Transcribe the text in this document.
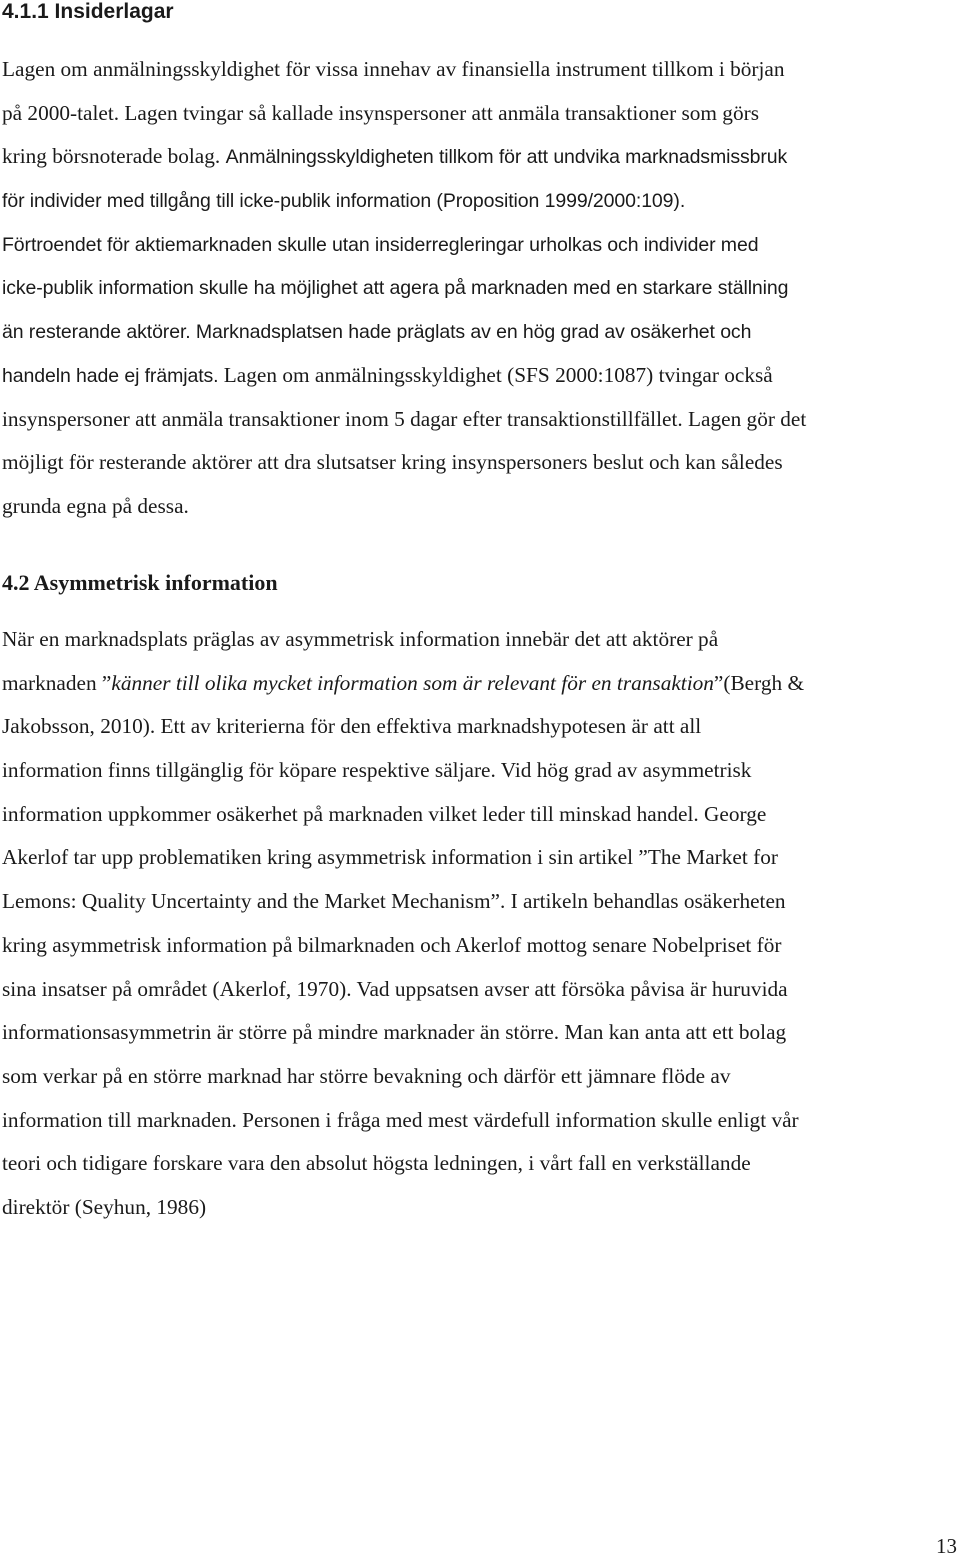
4.1.1 Insiderlagar
Lagen om anmälningsskyldighet för vissa innehav av finansiella instrument tillkom i början
på 2000-talet. Lagen tvingar så kallade insynspersoner att anmäla transaktioner som görs
kring börsnoterade bolag. Anmälningsskyldigheten tillkom för att undvika marknadsmissbruk
för individer med tillgång till icke-publik information (Proposition 1999/2000:109).
Förtroendet för aktiemarknaden skulle utan insiderregleringar urholkas och individer med
icke-publik information skulle ha möjlighet att agera på marknaden med en starkare ställning
än resterande aktörer. Marknadsplatsen hade präglats av en hög grad av osäkerhet och
handeln hade ej främjats. Lagen om anmälningsskyldighet (SFS 2000:1087) tvingar också
insynspersoner att anmäla transaktioner inom 5 dagar efter transaktionstillfället. Lagen gör det
möjligt för resterande aktörer att dra slutsatser kring insynspersoners beslut och kan således
grunda egna på dessa.
4.2 Asymmetrisk information
När en marknadsplats präglas av asymmetrisk information innebär det att aktörer på
marknaden ”känner till olika mycket information som är relevant för en transaktion”(Bergh &
Jakobsson, 2010). Ett av kriterierna för den effektiva marknadshypotesen är att all
information finns tillgänglig för köpare respektive säljare. Vid hög grad av asymmetrisk
information uppkommer osäkerhet på marknaden vilket leder till minskad handel. George
Akerlof tar upp problematiken kring asymmetrisk information i sin artikel ”The Market for
Lemons: Quality Uncertainty and the Market Mechanism”. I artikeln behandlas osäkerheten
kring asymmetrisk information på bilmarknaden och Akerlof mottog senare Nobelpriset för
sina insatser på området (Akerlof, 1970). Vad uppsatsen avser att försöka påvisa är huruvida
informationsasymmetrin är större på mindre marknader än större. Man kan anta att ett bolag
som verkar på en större marknad har större bevakning och därför ett jämnare flöde av
information till marknaden. Personen i fråga med mest värdefull information skulle enligt vår
teori och tidigare forskare vara den absolut högsta ledningen, i vårt fall en verkställande
direktör (Seyhun, 1986)
13
